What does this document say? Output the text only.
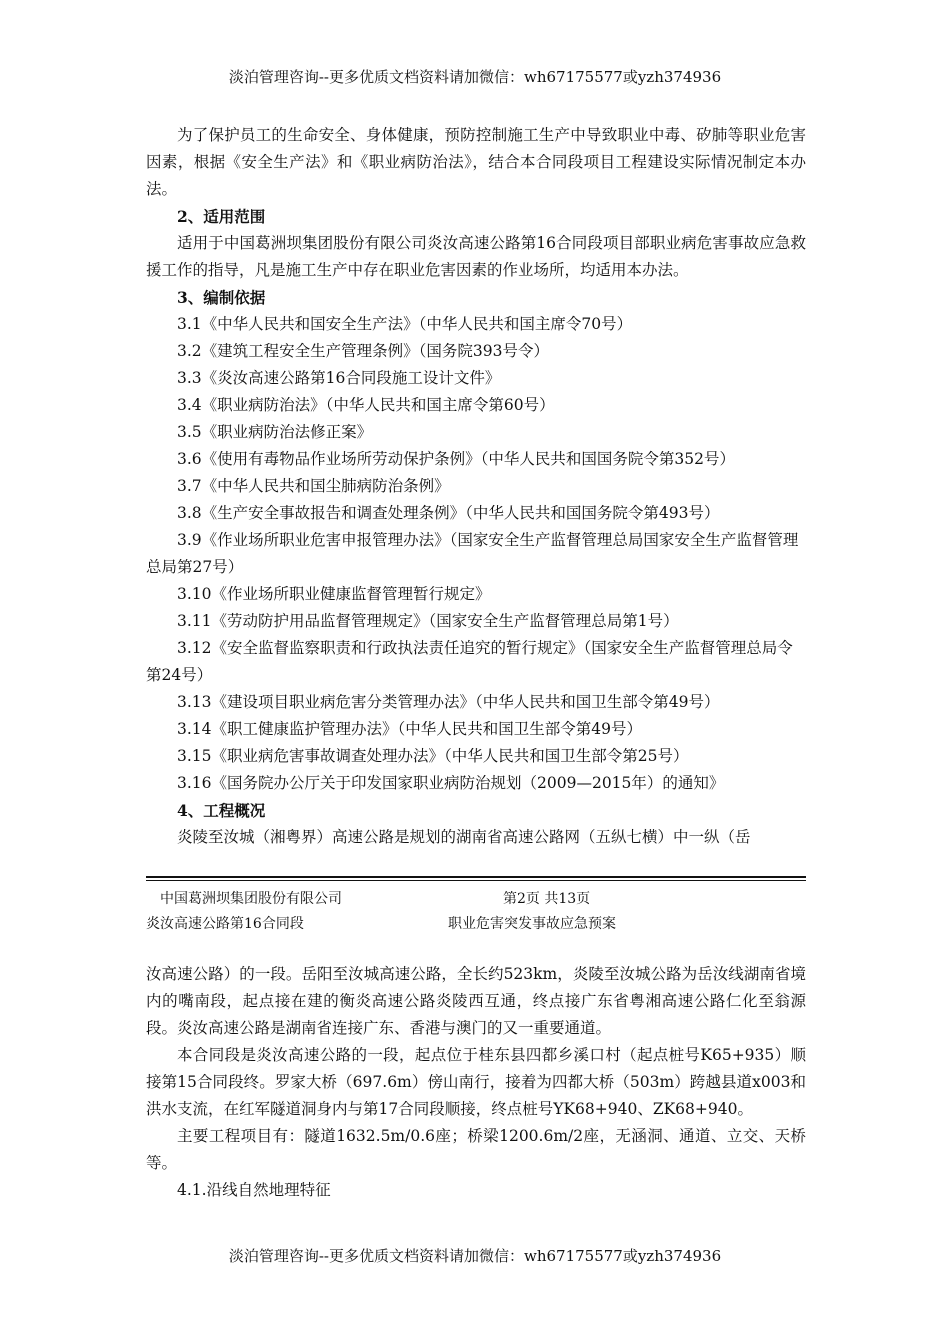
淡泊管理咨询--更多优质文档资料请加微信：wh67175577或yzh374936

为了保护员工的生命安全、身体健康，预防控制施工生产中导致职业中毒、矽肺等职业危害因素，根据《安全生产法》和《职业病防治法》，结合本合同段项目工程建设实际情况制定本办法。

2、适用范围

适用于中国葛洲坝集团股份有限公司炎汝高速公路第16合同段项目部职业病危害事故应急救援工作的指导，凡是施工生产中存在职业危害因素的作业场所，均适用本办法。

3、编制依据

3.1《中华人民共和国安全生产法》（中华人民共和国主席令70号）

3.2《建筑工程安全生产管理条例》（国务院393号令）

3.3《炎汝高速公路第16合同段施工设计文件》

3.4《职业病防治法》（中华人民共和国主席令第60号）

3.5《职业病防治法修正案》

3.6《使用有毒物品作业场所劳动保护条例》（中华人民共和国国务院令第352号）

3.7《中华人民共和国尘肺病防治条例》

3.8《生产安全事故报告和调查处理条例》（中华人民共和国国务院令第493号）

3.9《作业场所职业危害申报管理办法》（国家安全生产监督管理总局国家安全生产监督管理总局第27号）

3.10《作业场所职业健康监督管理暂行规定》

3.11《劳动防护用品监督管理规定》（国家安全生产监督管理总局第1号）

3.12《安全监督监察职责和行政执法责任追究的暂行规定》（国家安全生产监督管理总局令第24号）

3.13《建设项目职业病危害分类管理办法》（中华人民共和国卫生部令第49号）

3.14《职工健康监护管理办法》（中华人民共和国卫生部令第49号）

3.15《职业病危害事故调查处理办法》（中华人民共和国卫生部令第25号）

3.16《国务院办公厅关于印发国家职业病防治规划（2009—2015年）的通知》

4、工程概况

炎陵至汝城（湘粤界）高速公路是规划的湖南省高速公路网（五纵七横）中一纵（岳

中国葛洲坝集团股份有限公司	第2页 共13页
炎汝高速公路第16合同段	职业危害突发事故应急预案

汝高速公路）的一段。岳阳至汝城高速公路，全长约523km，炎陵至汝城公路为岳汝线湖南省境内的嘴南段，起点接在建的衡炎高速公路炎陵西互通，终点接广东省粤湘高速公路仁化至翁源段。炎汝高速公路是湖南省连接广东、香港与澳门的又一重要通道。

本合同段是炎汝高速公路的一段，起点位于桂东县四都乡溪口村（起点桩号K65+935）顺接第15合同段终。罗家大桥（697.6m）傍山南行，接着为四都大桥（503m）跨越县道x003和洪水支流，在红军隧道洞身内与第17合同段顺接，终点桩号YK68+940、ZK68+940。

主要工程项目有：隧道1632.5m/0.6座；桥梁1200.6m/2座，无涵洞、通道、立交、天桥等。

4.1.沿线自然地理特征

淡泊管理咨询--更多优质文档资料请加微信：wh67175577或yzh374936
